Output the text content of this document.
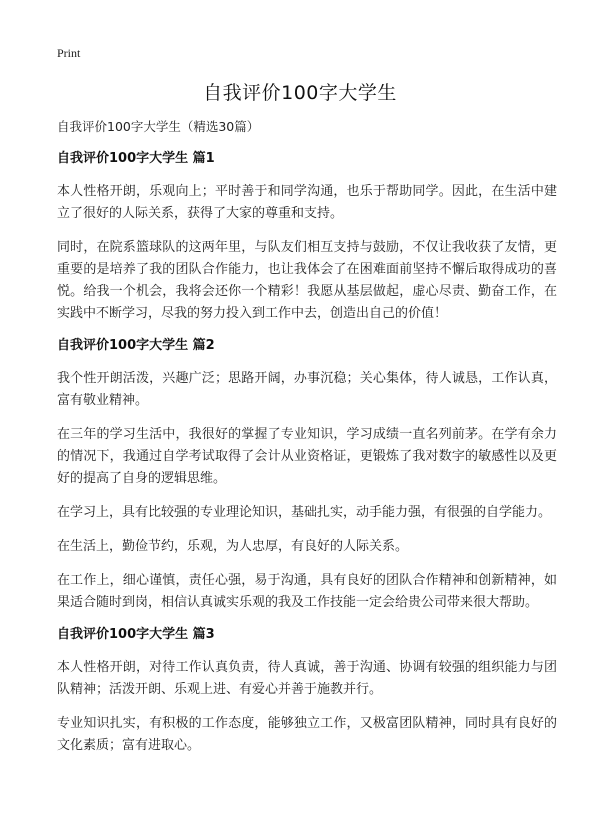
Print
自我评价100字大学生

自我评价100字大学生（精选30篇）

自我评价100字大学生 篇1

本人性格开朗，乐观向上；平时善于和同学沟通，也乐于帮助同学。因此，在生活中建立了很好的人际关系，获得了大家的尊重和支持。

同时，在院系篮球队的这两年里，与队友们相互支持与鼓励，不仅让我收获了友情，更重要的是培养了我的团队合作能力，也让我体会了在困难面前坚持不懈后取得成功的喜悦。给我一个机会，我将会还你一个精彩！我愿从基层做起，虚心尽责、勤奋工作，在实践中不断学习，尽我的努力投入到工作中去，创造出自己的价值！

自我评价100字大学生 篇2

我个性开朗活泼，兴趣广泛；思路开阔，办事沉稳；关心集体，待人诚恳，工作认真，富有敬业精神。

在三年的学习生活中，我很好的掌握了专业知识，学习成绩一直名列前茅。在学有余力的情况下，我通过自学考试取得了会计从业资格证，更锻炼了我对数字的敏感性以及更好的提高了自身的逻辑思维。

在学习上，具有比较强的专业理论知识，基础扎实，动手能力强，有很强的自学能力。

在生活上，勤俭节约，乐观，为人忠厚，有良好的人际关系。

在工作上，细心谨慎，责任心强，易于沟通，具有良好的团队合作精神和创新精神，如果适合随时到岗，相信认真诚实乐观的我及工作技能一定会给贵公司带来很大帮助。

自我评价100字大学生 篇3

本人性格开朗，对待工作认真负责，待人真诚，善于沟通、协调有较强的组织能力与团队精神；活泼开朗、乐观上进、有爱心并善于施教并行。

专业知识扎实，有积极的工作态度，能够独立工作，又极富团队精神，同时具有良好的文化素质；富有进取心。
